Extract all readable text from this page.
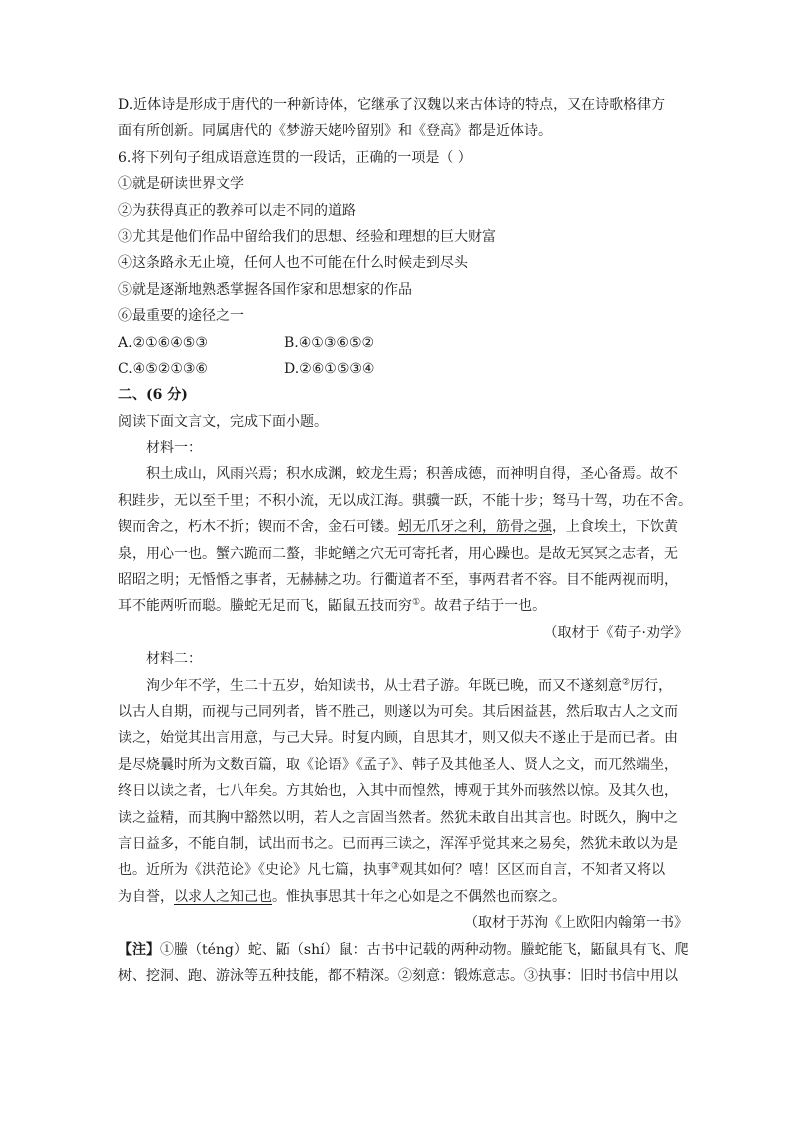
D.近体诗是形成于唐代的一种新诗体，它继承了汉魏以来古体诗的特点，又在诗歌格律方
面有所创新。同属唐代的《梦游天姥吟留别》和《登高》都是近体诗。
6.将下列句子组成语意连贯的一段话，正确的一项是（ ）
①就是研读世界文学
②为获得真正的教养可以走不同的道路
③尤其是他们作品中留给我们的思想、经验和理想的巨大财富
④这条路永无止境，任何人也不可能在什么时候走到尽头
⑤就是逐渐地熟悉掌握各国作家和思想家的作品
⑥最重要的途径之一
A.②①⑥④⑤③	B.④①③⑥⑤②
C.④⑤②①③⑥	D.②⑥①⑤③④
二、(6 分)
阅读下面文言文，完成下面小题。
材料一：
积土成山，风雨兴焉；积水成渊，蛟龙生焉；积善成德，而神明自得，圣心备焉。故不
积跬步，无以至千里；不积小流，无以成江海。骐骥一跃，不能十步；驽马十驾，功在不舍。
锲而舍之，朽木不折；锲而不舍，金石可镂。蚓无爪牙之利，筋骨之强，上食埃土，下饮黄
泉，用心一也。蟹六跪而二螯，非蛇鳝之穴无可寄托者，用心躁也。是故无冥冥之志者，无
昭昭之明；无惛惛之事者，无赫赫之功。行衢道者不至，事两君者不容。目不能两视而明，
耳不能两听而聪。螣蛇无足而飞，鼫鼠五技而穷①。故君子结于一也。
（取材于《荀子·劝学》
材料二：
洵少年不学，生二十五岁，始知读书，从士君子游。年既已晚，而又不遂刻意②厉行，
以古人自期，而视与己同列者，皆不胜己，则遂以为可矣。其后困益甚，然后取古人之文而
读之，始觉其出言用意，与己大异。时复内顾，自思其才，则又似夫不遂止于是而已者。由
是尽烧曩时所为文数百篇，取《论语》《孟子》、韩子及其他圣人、贤人之文，而兀然端坐，
终日以读之者，七八年矣。方其始也，入其中而惶然，博观于其外而骇然以惊。及其久也，
读之益精，而其胸中豁然以明，若人之言固当然者。然犹未敢自出其言也。时既久，胸中之
言日益多，不能自制，试出而书之。已而再三读之，浑浑乎觉其来之易矣，然犹未敢以为是
也。近所为《洪范论》《史论》凡七篇，执事③观其如何？嘻！区区而自言，不知者又将以
为自誉，以求人之知己也。惟执事思其十年之心如是之不偶然也而察之。
（取材于苏洵《上欧阳内翰第一书》
【注】①螣（téng）蛇、鼫（shí）鼠：古书中记载的两种动物。螣蛇能飞，鼫鼠具有飞、爬
树、挖洞、跑、游泳等五种技能，都不精深。②刻意：锻炼意志。③执事：旧时书信中用以
